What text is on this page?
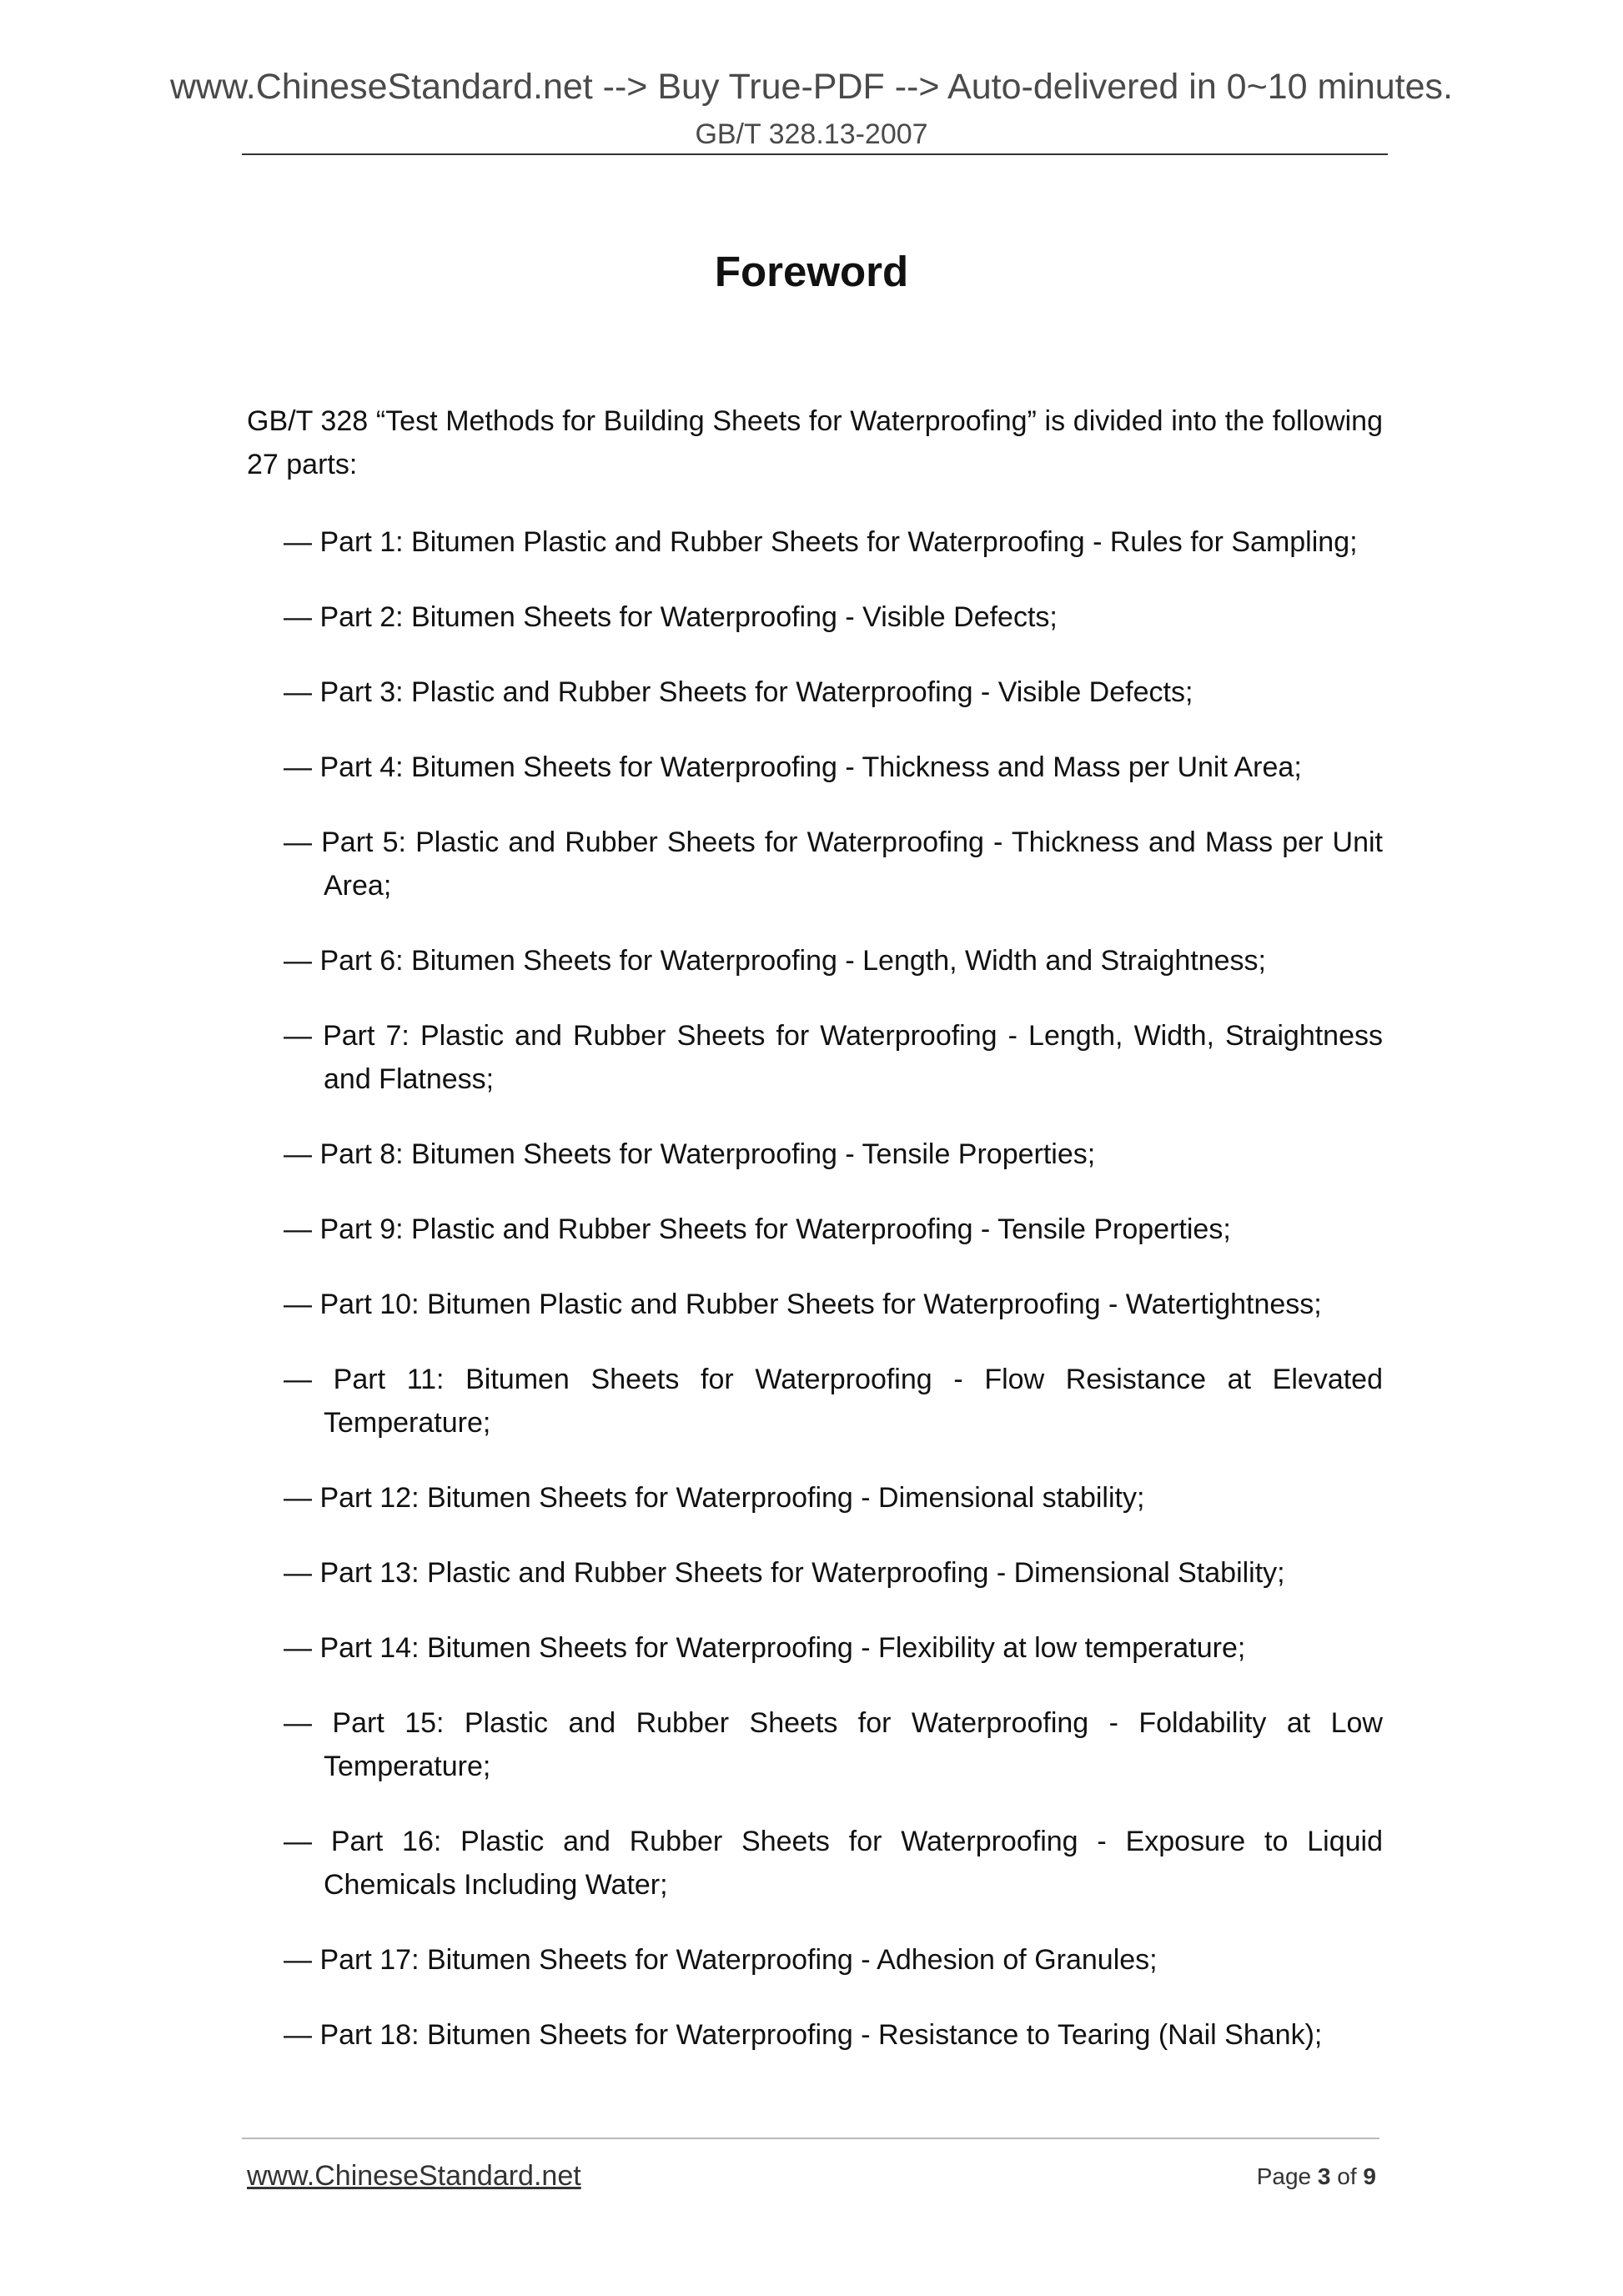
www.ChineseStandard.net --> Buy True-PDF --> Auto-delivered in 0~10 minutes.
GB/T 328.13-2007
Foreword

GB/T 328 “Test Methods for Building Sheets for Waterproofing” is divided into the following 27 parts:

— Part 1: Bitumen Plastic and Rubber Sheets for Waterproofing - Rules for Sampling;
— Part 2: Bitumen Sheets for Waterproofing - Visible Defects;
— Part 3: Plastic and Rubber Sheets for Waterproofing - Visible Defects;
— Part 4: Bitumen Sheets for Waterproofing - Thickness and Mass per Unit Area;
— Part 5: Plastic and Rubber Sheets for Waterproofing - Thickness and Mass per Unit Area;
— Part 6: Bitumen Sheets for Waterproofing - Length, Width and Straightness;
— Part 7: Plastic and Rubber Sheets for Waterproofing - Length, Width, Straightness and Flatness;
— Part 8: Bitumen Sheets for Waterproofing - Tensile Properties;
— Part 9: Plastic and Rubber Sheets for Waterproofing - Tensile Properties;
— Part 10: Bitumen Plastic and Rubber Sheets for Waterproofing - Watertightness;
— Part 11: Bitumen Sheets for Waterproofing - Flow Resistance at Elevated Temperature;
— Part 12: Bitumen Sheets for Waterproofing - Dimensional stability;
— Part 13: Plastic and Rubber Sheets for Waterproofing - Dimensional Stability;
— Part 14: Bitumen Sheets for Waterproofing - Flexibility at low temperature;
— Part 15: Plastic and Rubber Sheets for Waterproofing - Foldability at Low Temperature;
— Part 16: Plastic and Rubber Sheets for Waterproofing - Exposure to Liquid Chemicals Including Water;
— Part 17: Bitumen Sheets for Waterproofing - Adhesion of Granules;
— Part 18: Bitumen Sheets for Waterproofing - Resistance to Tearing (Nail Shank);
www.ChineseStandard.net	Page 3 of 9
